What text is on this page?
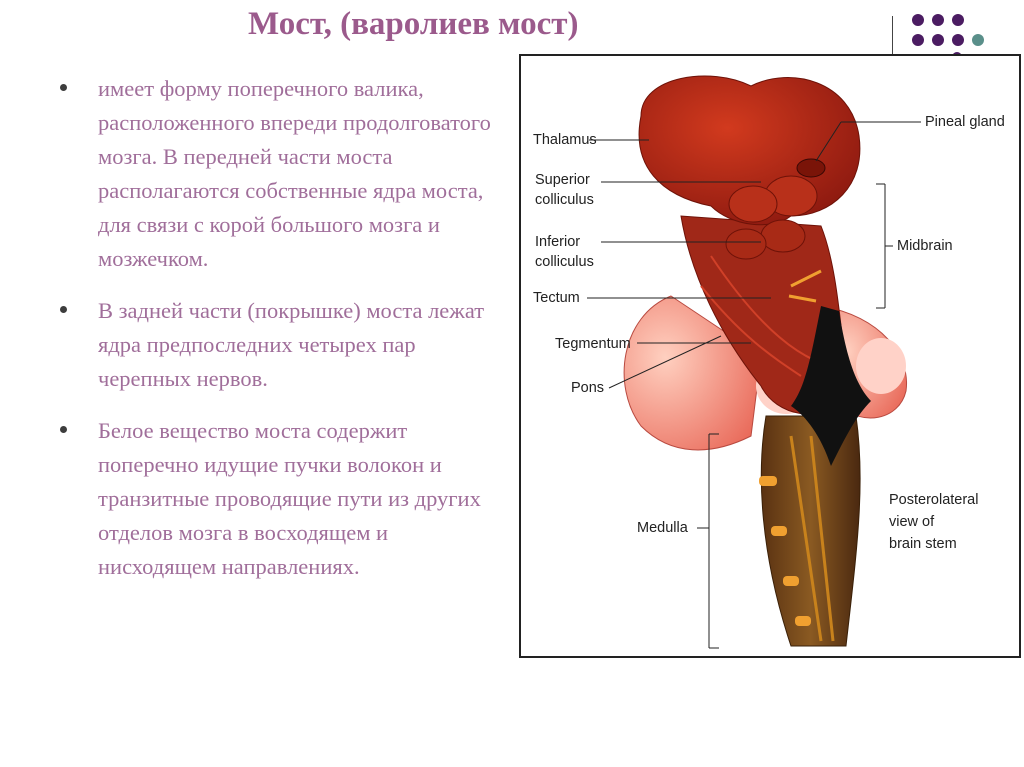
Мост, (варолиев мост)
имеет форму поперечного валика, расположенного впереди продолговатого мозга. В передней части моста располагаются собственные ядра моста, для связи с корой большого мозга и мозжечком.
В задней части (покрышке) моста лежат ядра предпоследних четырех пар черепных нервов.
Белое вещество моста содержит поперечно идущие пучки волокон и транзитные проводящие пути из других отделов мозга в восходящем и нисходящем направлениях.
Thalamus
Superior
colliculus
Inferior
colliculus
Tectum
Tegmentum
Pons
Medulla
Pineal gland
Midbrain
Posterolateral
view of
brain stem
